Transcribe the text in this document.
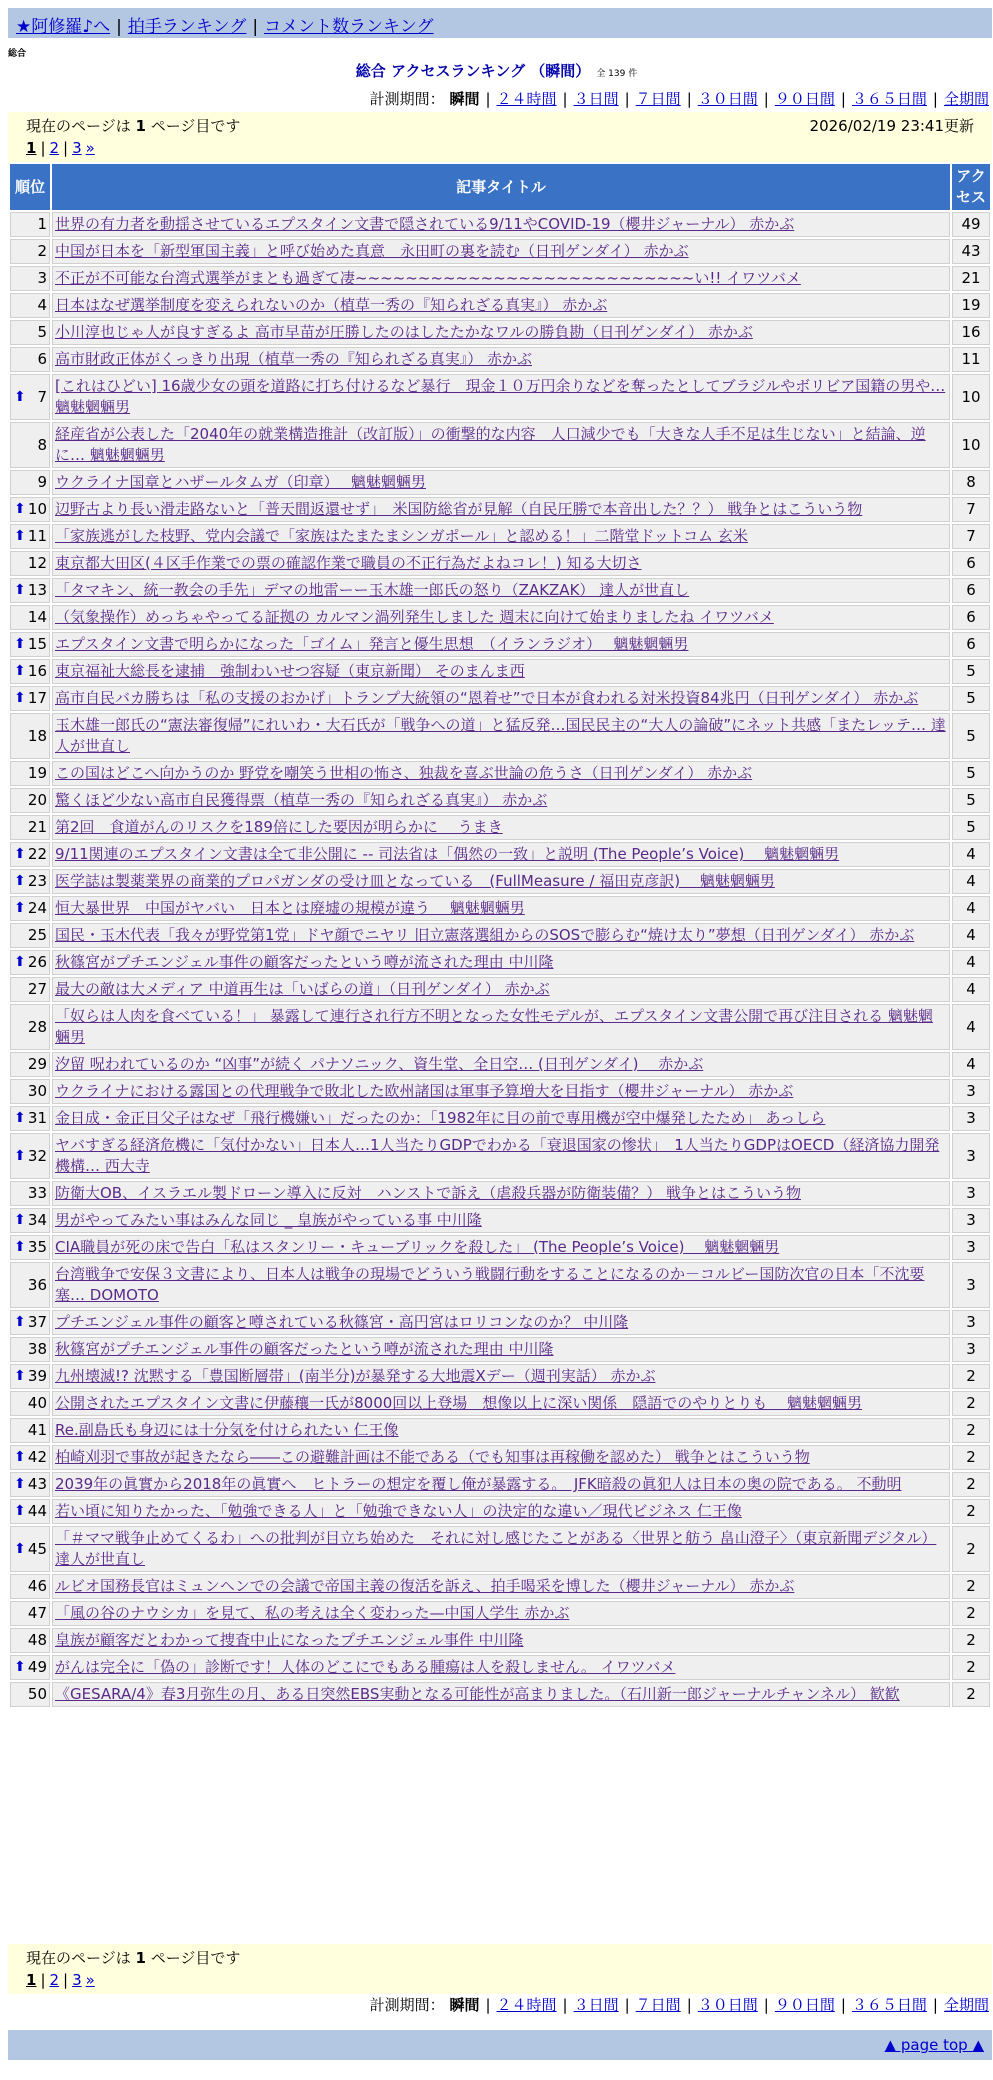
★阿修羅♪へ | 拍手ランキング | コメント数ランキング
総合
総合 アクセスランキング （瞬間） 全 139 件
計測期間： 瞬間 | ２４時間 | ３日間 | ７日間 | ３０日間 | ９０日間 | ３６５日間 | 全期間
現在のページは 1 ページ目です	2026/02/19 23:41更新
1 | 2 | 3 »
順位	記事タイトル	アクセス
1	世界の有力者を動揺させているエプスタイン文書で隠されている9/11やCOVID-19（櫻井ジャーナル） 赤かぶ	49
2	中国が日本を「新型軍国主義」と呼び始めた真意　永田町の裏を読む（日刊ゲンダイ） 赤かぶ	43
3	不正が不可能な台湾式選挙がまとも過ぎて凄~~~~~~~~~~~~~~~~~~~~~~~~~~~い!! イワツバメ	21
4	日本はなぜ選挙制度を変えられないのか（植草一秀の『知られざる真実』） 赤かぶ	19
5	小川淳也じゃ人が良すぎるよ 高市早苗が圧勝したのはしたたかなワルの勝負勘（日刊ゲンダイ） 赤かぶ	16
6	高市財政正体がくっきり出現（植草一秀の『知られざる真実』） 赤かぶ	11

⬆ 7	[これはひどい] 16歳少女の頭を道路に打ち付けるなど暴行　現金１０万円余りなどを奪ったとしてブラジルやボリビア国籍の男や… 魑魅魍魎男	10
8	経産省が公表した「2040年の就業構造推計（改訂版）」の衝撃的な内容　人口減少でも「大きな人手不足は生じない」と結論、逆に… 魑魅魍魎男	10
9	ウクライナ国章とハザールタムガ（印章）　 魑魅魍魎男	8

⬆ 10	辺野古より長い滑走路ないと「普天間返還せず」　米国防総省が見解（自民圧勝で本音出した？？） 戦争とはこういう物	7

⬆ 11	「家族逃がした枝野、党内会議で「家族はたまたまシンガポール」と認める！」二階堂ドットコム 玄米	7
12	東京都大田区(４区手作業での票の確認作業で職員の不正行為だよねコレ！) 知る大切さ	6

⬆ 13	「タマキン、統一教会の手先」デマの地雷ーー玉木雄一郎氏の怒り（ZAKZAK） 達人が世直し	6
14	（気象操作）めっちゃやってる証拠の カルマン渦列発生しました 週末に向けて始まりましたね イワツバメ	6

⬆ 15	エプスタイン文書で明らかになった「ゴイム」発言と優生思想　（イランラジオ）　 魑魅魍魎男	6

⬆ 16	東京福祉大総長を逮捕　強制わいせつ容疑（東京新聞） そのまんま西	5

⬆ 17	高市自民バカ勝ちは「私の支援のおかげ」トランプ大統領の“恩着せ”で日本が食われる対米投資84兆円（日刊ゲンダイ） 赤かぶ	5
18	玉木雄一郎氏の“憲法審復帰”にれいわ・大石氏が「戦争への道」と猛反発…国民民主の“大人の論破”にネット共感「またレッテ… 達人が世直し	5
19	この国はどこへ向かうのか 野党を嘲笑う世相の怖さ、独裁を喜ぶ世論の危うさ（日刊ゲンダイ） 赤かぶ	5
20	驚くほど少ない高市自民獲得票（植草一秀の『知られざる真実』） 赤かぶ	5
21	第2回　食道がんのリスクを189倍にした要因が明らかに　 うまき	5

⬆ 22	9/11関連のエプスタイン文書は全て非公開に -- 司法省は「偶然の一致」と説明 (The People’s Voice)　 魑魅魍魎男	4

⬆ 23	医学誌は製薬業界の商業的プロパガンダの受け皿となっている　(FullMeasure / 福田克彦訳)　 魑魅魍魎男	4

⬆ 24	恒大暴世界　中国がヤバい　日本とは廃墟の規模が違う　 魑魅魍魎男	4
25	国民・玉木代表「我々が野党第1党」ドヤ顔でニヤリ 旧立憲落選組からのSOSで膨らむ“焼け太り”夢想（日刊ゲンダイ） 赤かぶ	4

⬆ 26	秋篠宮がプチエンジェル事件の顧客だったという噂が流された理由 中川隆	4
27	最大の敵は大メディア 中道再生は「いばらの道」（日刊ゲンダイ） 赤かぶ	4
28	「奴らは人肉を食べている！」 暴露して連行され行方不明となった女性モデルが、エプスタイン文書公開で再び注目される 魑魅魍魎男	4
29	汐留 呪われているのか “凶事”が続く パナソニック、資生堂、全日空… (日刊ゲンダイ)　 赤かぶ	4
30	ウクライナにおける露国との代理戦争で敗北した欧州諸国は軍事予算増大を目指す（櫻井ジャーナル） 赤かぶ	3

⬆ 31	金日成・金正日父子はなぜ「飛行機嫌い」だったのか：「1982年に目の前で専用機が空中爆発したため」 あっしら	3

⬆ 32	ヤバすぎる経済危機に「気付かない」日本人…1人当たりGDPでわかる「衰退国家の惨状」　1人当たりGDPはOECD（経済協力開発機構… 西大寺	3
33	防衛大OB、イスラエル製ドローン導入に反対　ハンストで訴え（虐殺兵器が防衛装備？） 戦争とはこういう物	3

⬆ 34	男がやってみたい事はみんな同じ _ 皇族がやっている事 中川隆	3

⬆ 35	CIA職員が死の床で告白「私はスタンリー・キューブリックを殺した」 (The People’s Voice)　 魑魅魍魎男	3
36	台湾戦争で安保３文書により、日本人は戦争の現場でどういう戦闘行動をすることになるのか－コルビー国防次官の日本「不沈要塞… DOMOTO	3

⬆ 37	プチエンジェル事件の顧客と噂されている秋篠宮・高円宮はロリコンなのか？ 中川隆	3
38	秋篠宮がプチエンジェル事件の顧客だったという噂が流された理由 中川隆	3

⬆ 39	九州壊滅!? 沈黙する「豊国断層帯」(南半分)が暴発する大地震Xデー（週刊実話） 赤かぶ	2
40	公開されたエプスタイン文書に伊藤穰一氏が8000回以上登場　想像以上に深い関係　隠語でのやりとりも　 魑魅魍魎男	2
41	Re.副島氏も身辺には十分気を付けられたい 仁王像	2

⬆ 42	柏崎刈羽で事故が起きたなら――この避難計画は不能である（でも知事は再稼働を認めた） 戦争とはこういう物	2

⬆ 43	2039年の眞實から2018年の眞實へ　ヒトラーの想定を覆し俺が暴露する。　JFK暗殺の眞犯人は日本の奥の院である。 不動明	2

⬆ 44	若い頃に知りたかった、「勉強できる人」と「勉強できない人」の決定的な違い／現代ビジネス 仁王像	2

⬆ 45	「＃ママ戦争止めてくるわ」への批判が目立ち始めた　それに対し感じたことがある〈世界と舫う 畠山澄子〉（東京新聞デジタル） 達人が世直し	2
46	ルビオ国務長官はミュンヘンでの会議で帝国主義の復活を訴え、拍手喝采を博した（櫻井ジャーナル） 赤かぶ	2
47	「風の谷のナウシカ」を見て、私の考えは全く変わった—中国人学生 赤かぶ	2
48	皇族が顧客だとわかって捜査中止になったプチエンジェル事件 中川隆	2

⬆ 49	がんは完全に「偽の」診断です！人体のどこにでもある腫瘍は人を殺しません。 イワツバメ	2
50	《GESARA/4》春3月弥生の月、ある日突然EBS実動となる可能性が高まりました。（石川新一郎ジャーナルチャンネル） 歓歓	2
現在のページは 1 ページ目です
1 | 2 | 3 »
計測期間： 瞬間 | ２４時間 | ３日間 | ７日間 | ３０日間 | ９０日間 | ３６５日間 | 全期間
▲ page top ▲
